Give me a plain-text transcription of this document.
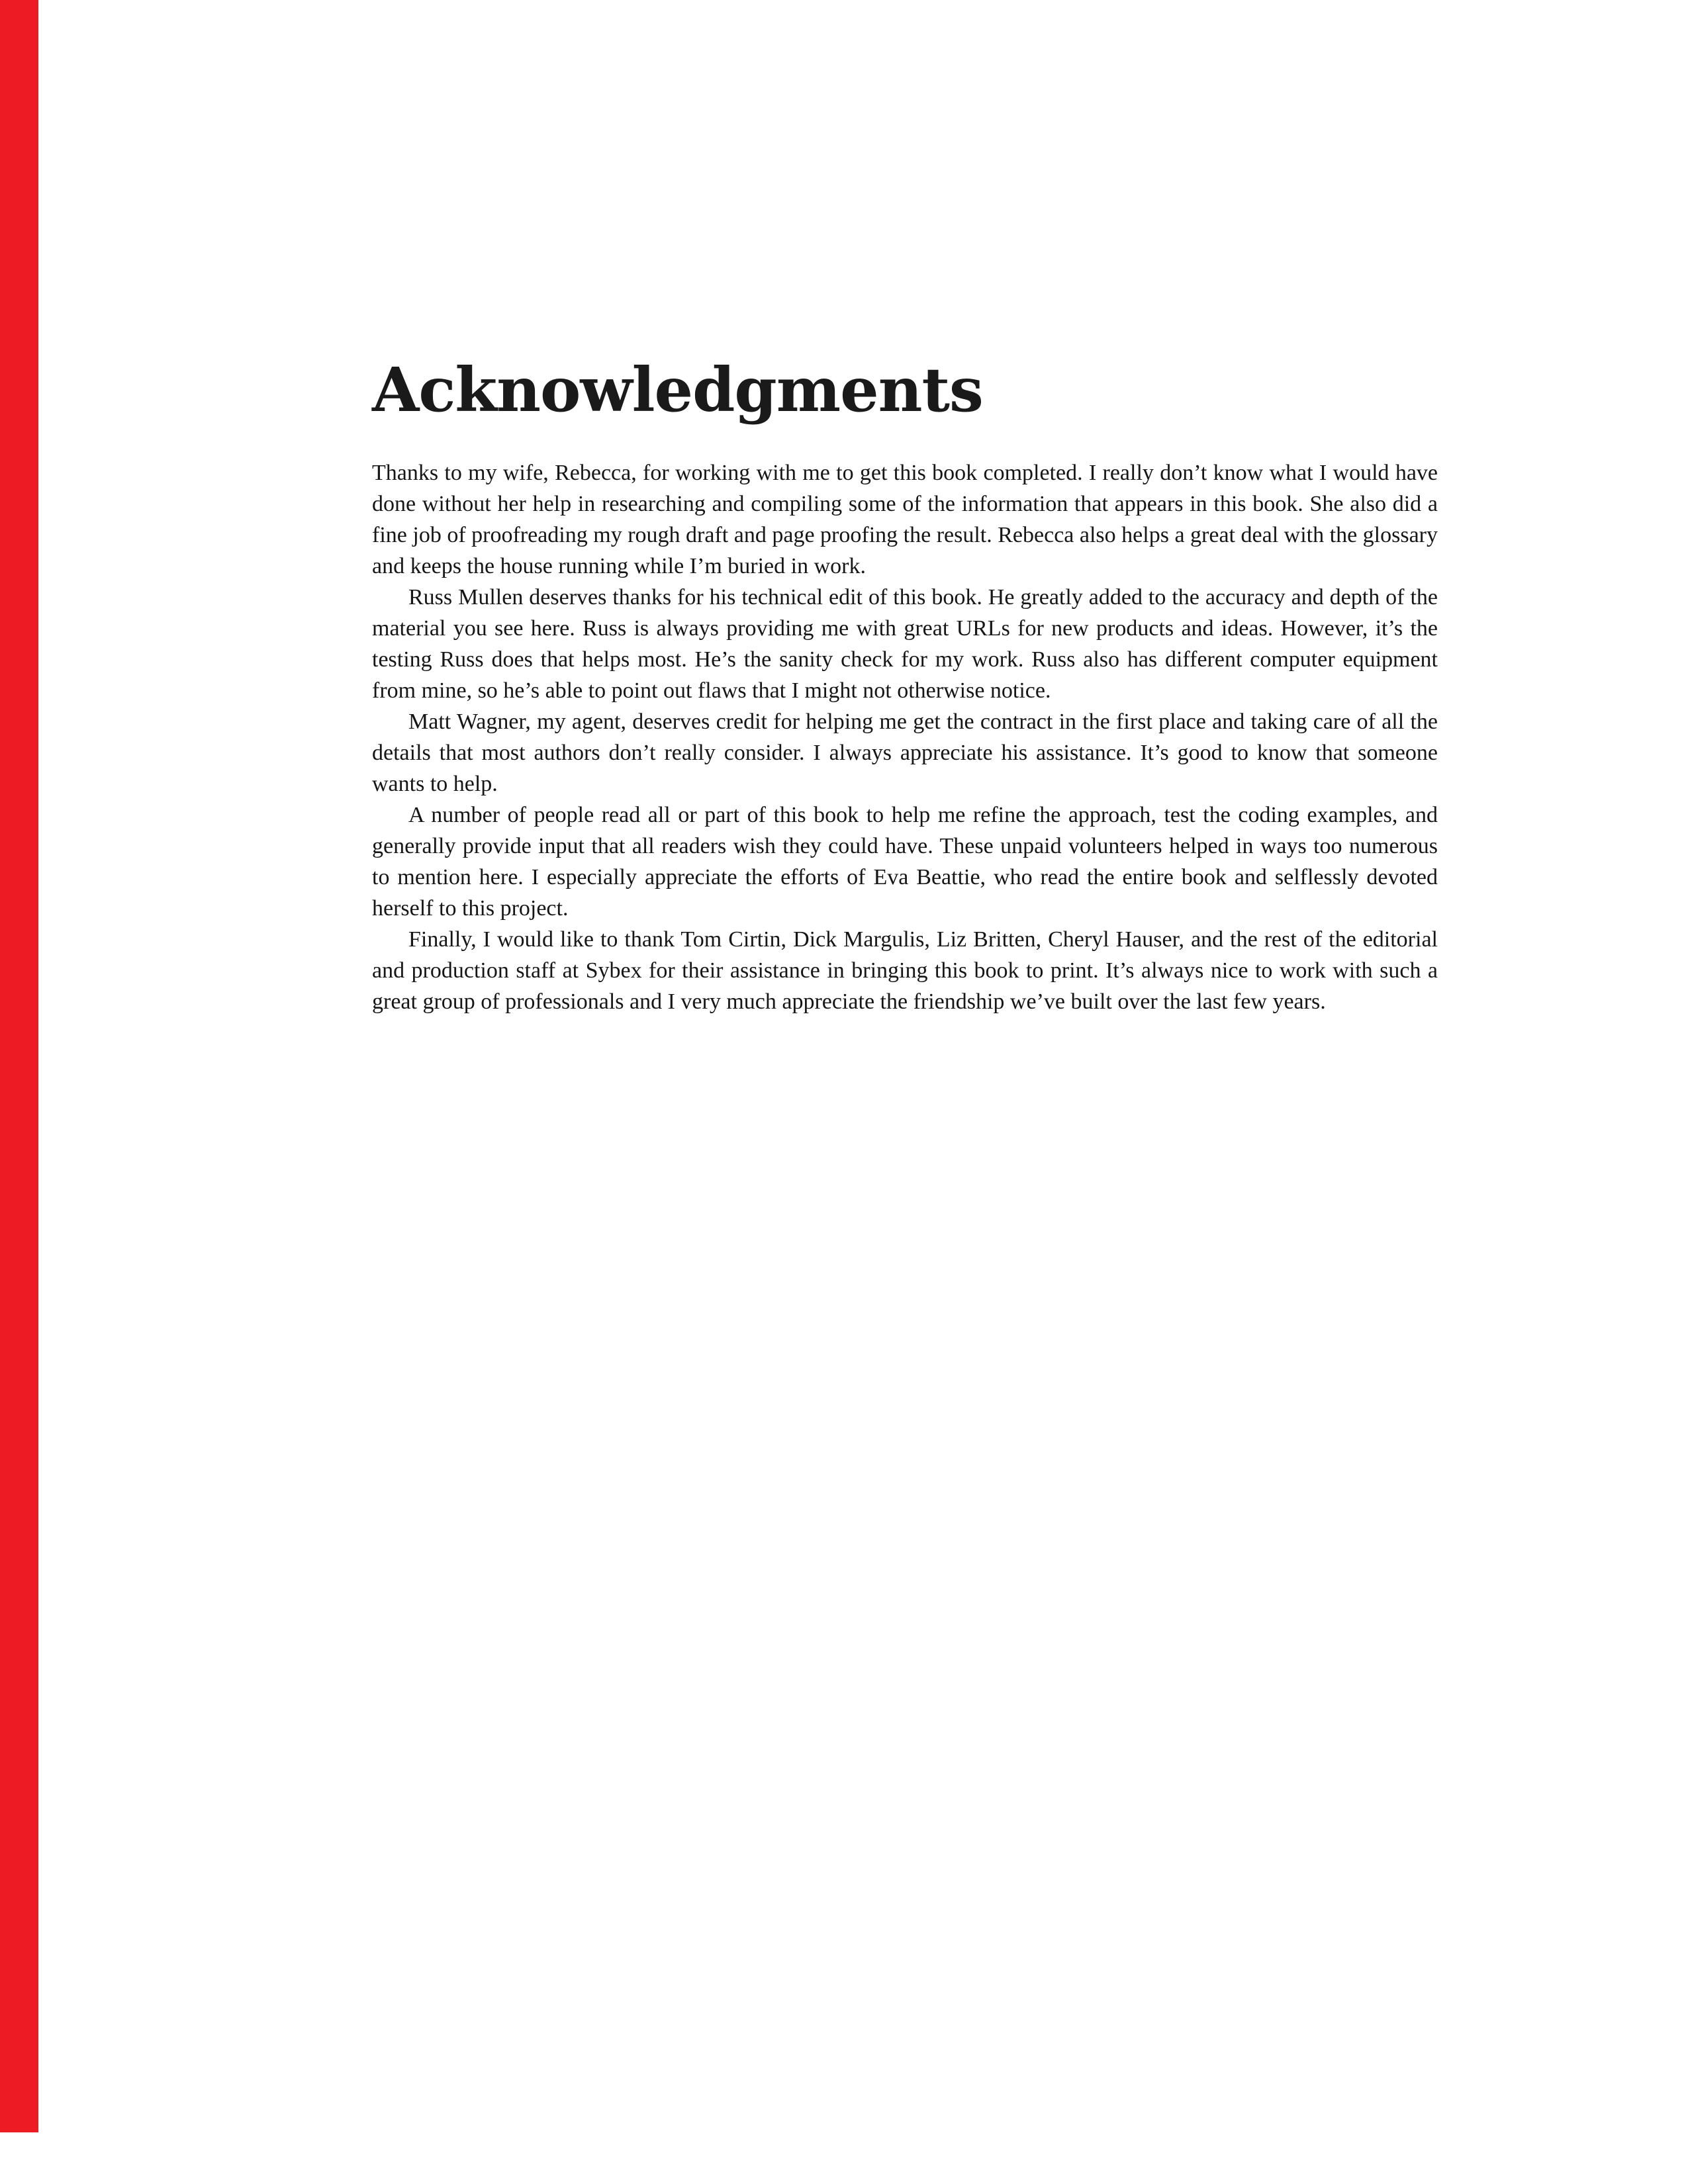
Acknowledgments

Thanks to my wife, Rebecca, for working with me to get this book completed. I really don’t know what I would have done without her help in researching and compiling some of the information that appears in this book. She also did a fine job of proofreading my rough draft and page proofing the result. Rebecca also helps a great deal with the glossary and keeps the house running while I’m buried in work.

Russ Mullen deserves thanks for his technical edit of this book. He greatly added to the accuracy and depth of the material you see here. Russ is always providing me with great URLs for new products and ideas. However, it’s the testing Russ does that helps most. He’s the sanity check for my work. Russ also has different computer equipment from mine, so he’s able to point out flaws that I might not otherwise notice.

Matt Wagner, my agent, deserves credit for helping me get the contract in the first place and taking care of all the details that most authors don’t really consider. I always appreciate his assistance. It’s good to know that someone wants to help.

A number of people read all or part of this book to help me refine the approach, test the coding examples, and generally provide input that all readers wish they could have. These unpaid volunteers helped in ways too numerous to mention here. I especially appreciate the efforts of Eva Beattie, who read the entire book and selflessly devoted herself to this project.

Finally, I would like to thank Tom Cirtin, Dick Margulis, Liz Britten, Cheryl Hauser, and the rest of the editorial and production staff at Sybex for their assistance in bringing this book to print. It’s always nice to work with such a great group of professionals and I very much appreciate the friendship we’ve built over the last few years.
